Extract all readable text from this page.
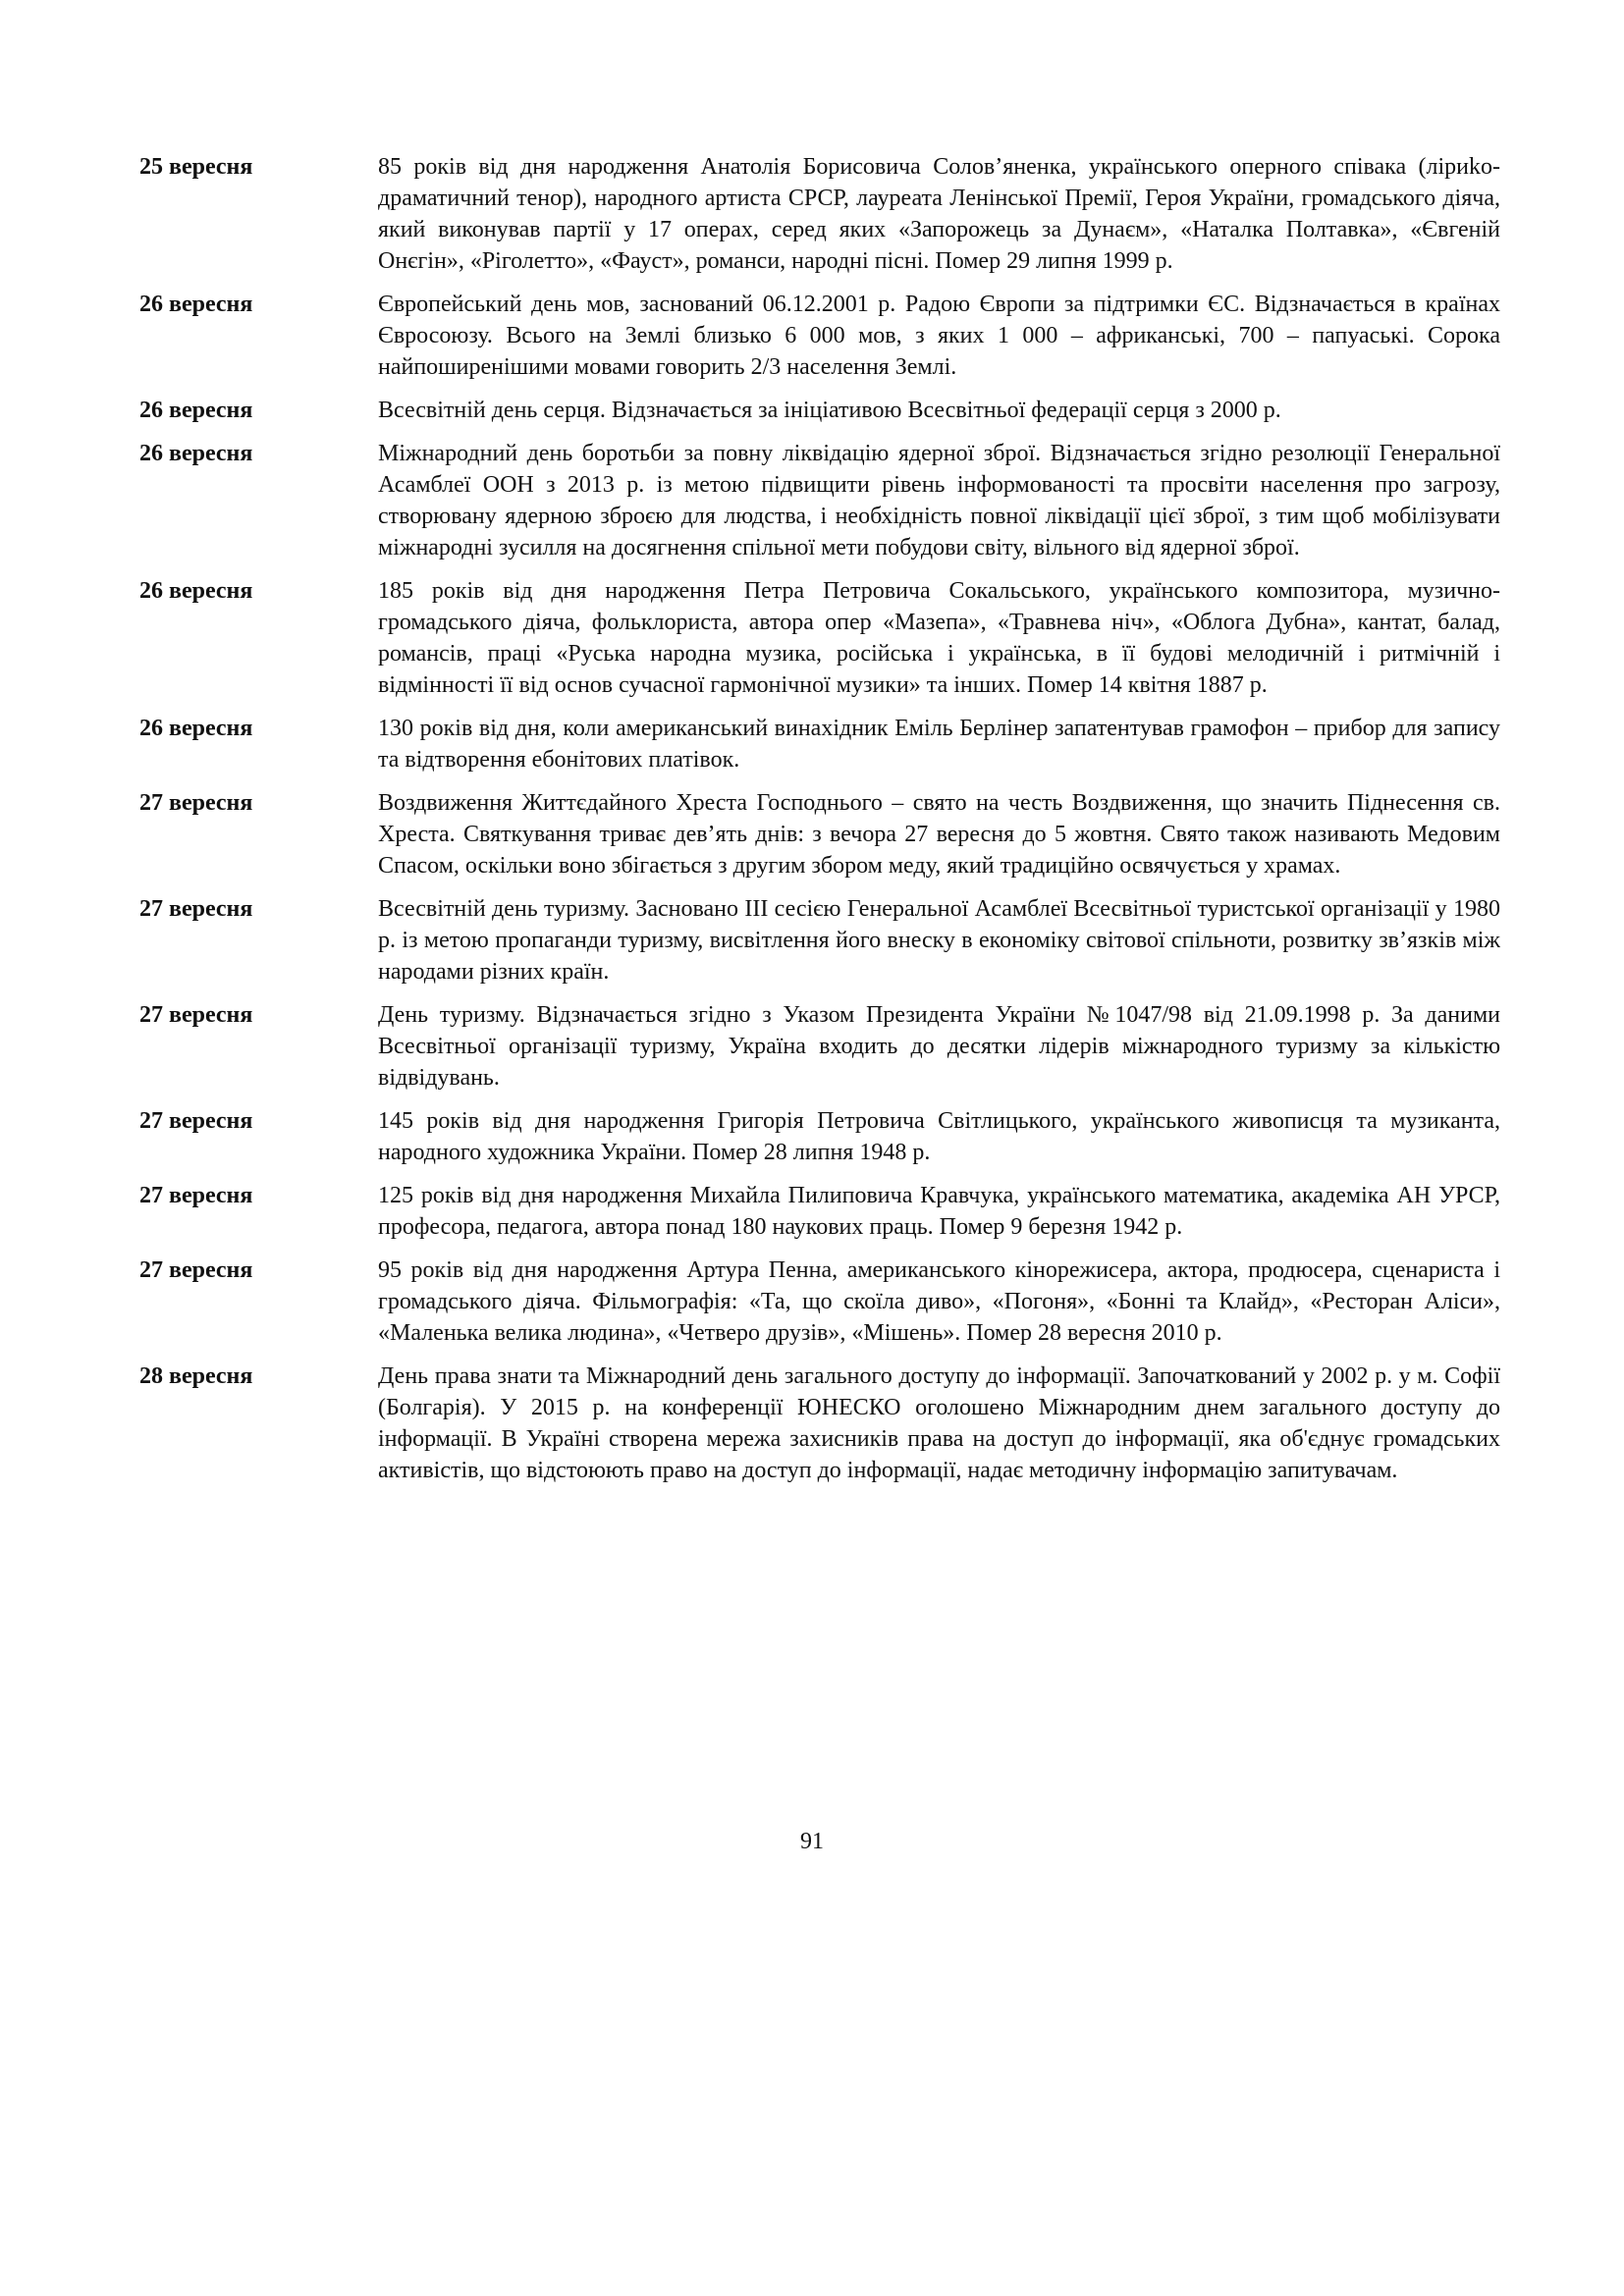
25 вересня	85 років від дня народження Анатолія Борисовича Солов’яненка, українського оперного співака (ліриko-драматичний тенор), народного артиста СРСР, лауреата Ленінської Премії, Героя України, громадського діяча, який виконував партії у 17 операх, серед яких «Запорожець за Дунаєм», «Наталка Полтавка», «Євгеній Онєгін», «Ріголетто», «Фауст», романси, народні пісні. Помер 29 липня 1999 р.

26 вересня	Європейський день мов, заснований 06.12.2001 р. Радою Європи за підтримки ЄС. Відзначається в країнах Євросоюзу. Всього на Землі близько 6 000 мов, з яких 1 000 – африканські, 700 – папуаські. Сорока найпоширенішими мовами говорить 2/3 населення Землі.

26 вересня	Всесвітній день серця. Відзначається за ініціативою Всесвітньої федерації серця з 2000 р.

26 вересня	Міжнародний день боротьби за повну ліквідацію ядерної зброї. Відзначається згідно резолюції Генеральної Асамблеї ООН з 2013 р. із метою підвищити рівень інформованості та просвіти населення про загрозу, створювану ядерною зброєю для людства, і необхідність повної ліквідації цієї зброї, з тим щоб мобілізувати міжнародні зусилля на досягнення спільної мети побудови світу, вільного від ядерної зброї.

26 вересня	185 років від дня народження Петра Петровича Сокальського, українського композитора, музично-громадського діяча, фольклориста, автора опер «Мазепа», «Травнева ніч», «Облога Дубна», кантат, балад, романсів, праці «Руська народна музика, російська і українська, в її будові мелодичній і ритмічній і відмінності її від основ сучасної гармонічної музики» та інших. Помер 14 квітня 1887 р.

26 вересня	130 років від дня, коли американський винахідник Еміль Берлінер запатентував грамофон – прибор для запису та відтворення ебонітових платівок.

27 вересня	Воздвиження Життєдайного Хреста Господнього – свято на честь Воздвиження, що значить Піднесення св. Хреста. Святкування триває дев’ять днів: з вечора 27 вересня до 5 жовтня. Свято також називають Медовим Спасом, оскільки воно збігається з другим збором меду, який традиційно освячується у храмах.

27 вересня	Всесвітній день туризму. Засновано ІІІ сесією Генеральної Асамблеї Всесвітньої туристської організації у 1980 р. із метою пропаганди туризму, висвітлення його внеску в економіку світової спільноти, розвитку зв’язків між народами різних країн.

27 вересня	День туризму. Відзначається згідно з Указом Президента України №1047/98 від 21.09.1998 р. За даними Всесвітньої організації туризму, Україна входить до десятки лідерів міжнародного туризму за кількістю відвідувань.

27 вересня	145 років від дня народження Григорія Петровича Світлицького, українського живописця та музиканта, народного художника України. Помер 28 липня 1948 р.

27 вересня	125 років від дня народження Михайла Пилиповича Кравчука, українського математика, академіка АН УРСР, професора, педагога, автора понад 180 наукових праць. Помер 9 березня 1942 р.

27 вересня	95 років від дня народження Артура Пенна, американського кінорежисера, актора, продюсера, сценариста і громадського діяча. Фільмографія: «Та, що скоїла диво», «Погоня», «Бонні та Клайд», «Ресторан Аліси», «Маленька велика людина», «Четверо друзів», «Мішень». Помер 28 вересня 2010 р.

28 вересня	День права знати та Міжнародний день загального доступу до інформації. Започаткований у 2002 р. у м. Софії (Болгарія). У 2015 р. на конференції ЮНЕСКО оголошено Міжнародним днем загального доступу до інформації. В Україні створена мережа захисників права на доступ до інформації, яка об'єднує громадських активістів, що відстоюють право на доступ до інформації, надає методичну інформацію запитувачам.

91
